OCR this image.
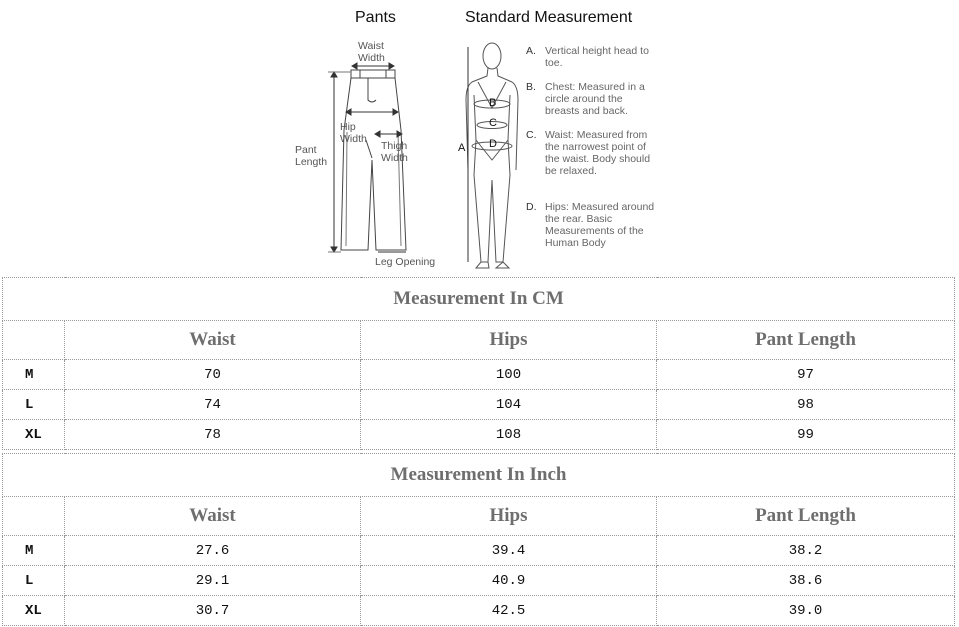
Pants	Standard Measurement
Waist
Width
Hip
Width
Thigh
Width
Pant
Length
Leg Opening
A
B
C
D
A. Vertical height head to toe.
B. Chest: Measured in a circle around the breasts and back.
C. Waist: Measured from the narrowest point of the waist. Body should be relaxed.
D. Hips: Measured around the rear. Basic Measurements of the Human Body
Measurement In CM			
	Waist	Hips	Pant Length
M	70	100	97
L	74	104	98
XL	78	108	99
Measurement In Inch			
	Waist	Hips	Pant Length
M	27.6	39.4	38.2
L	29.1	40.9	38.6
XL	30.7	42.5	39.0
